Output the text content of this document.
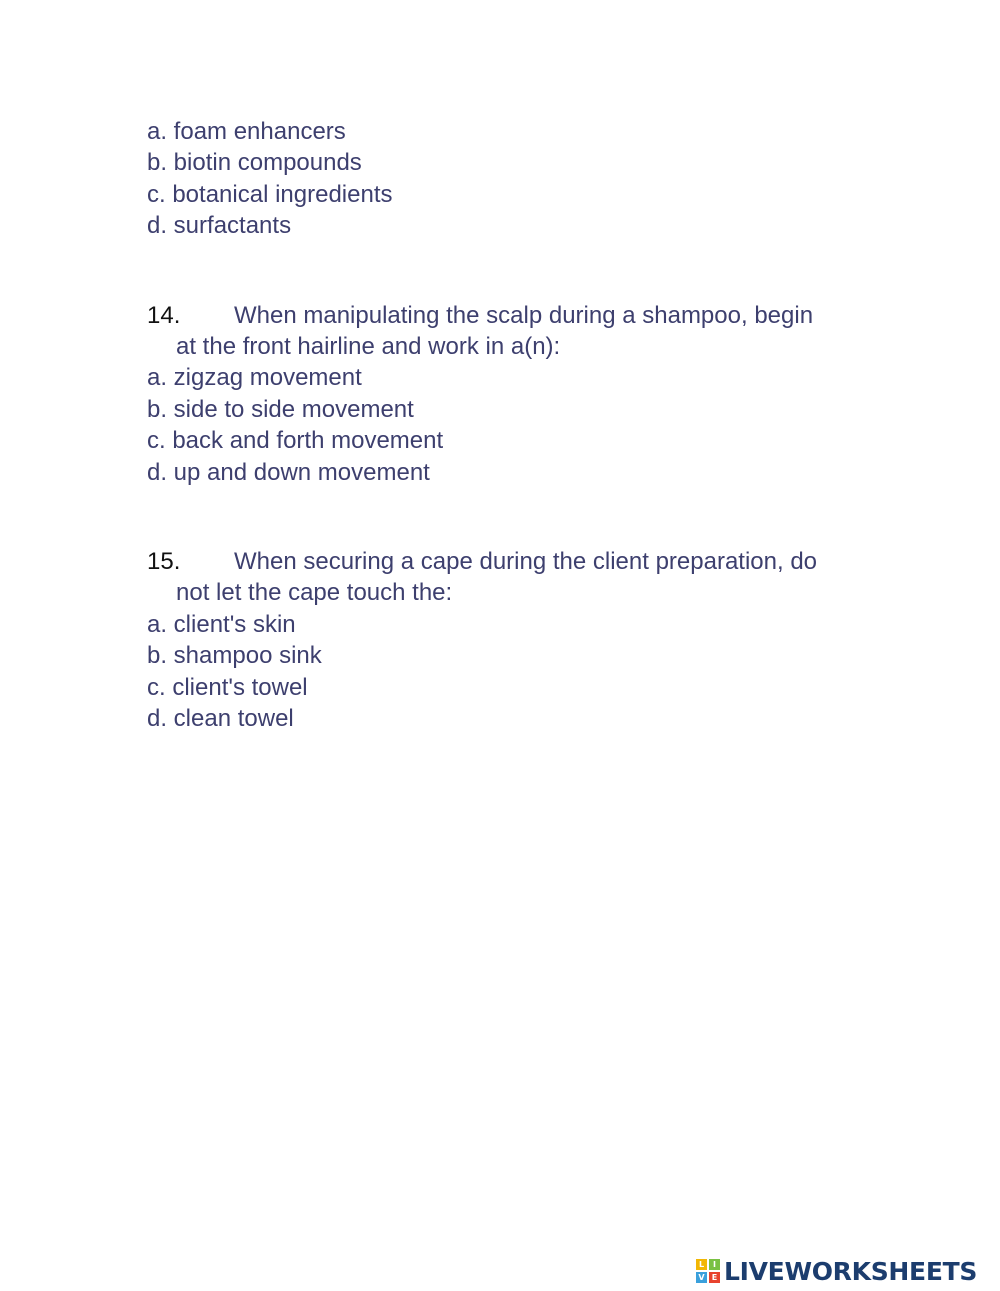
a. foam enhancers
b. biotin compounds
c. botanical ingredients
d. surfactants
14. When manipulating the scalp during a shampoo, begin
at the front hairline and work in a(n):
a. zigzag movement
b. side to side movement
c. back and forth movement
d. up and down movement
15. When securing a cape during the client preparation, do
not let the cape touch the:
a. client's skin
b. shampoo sink
c. client's towel
d. clean towel
L	I
V E LIVEWORKSHEETS
